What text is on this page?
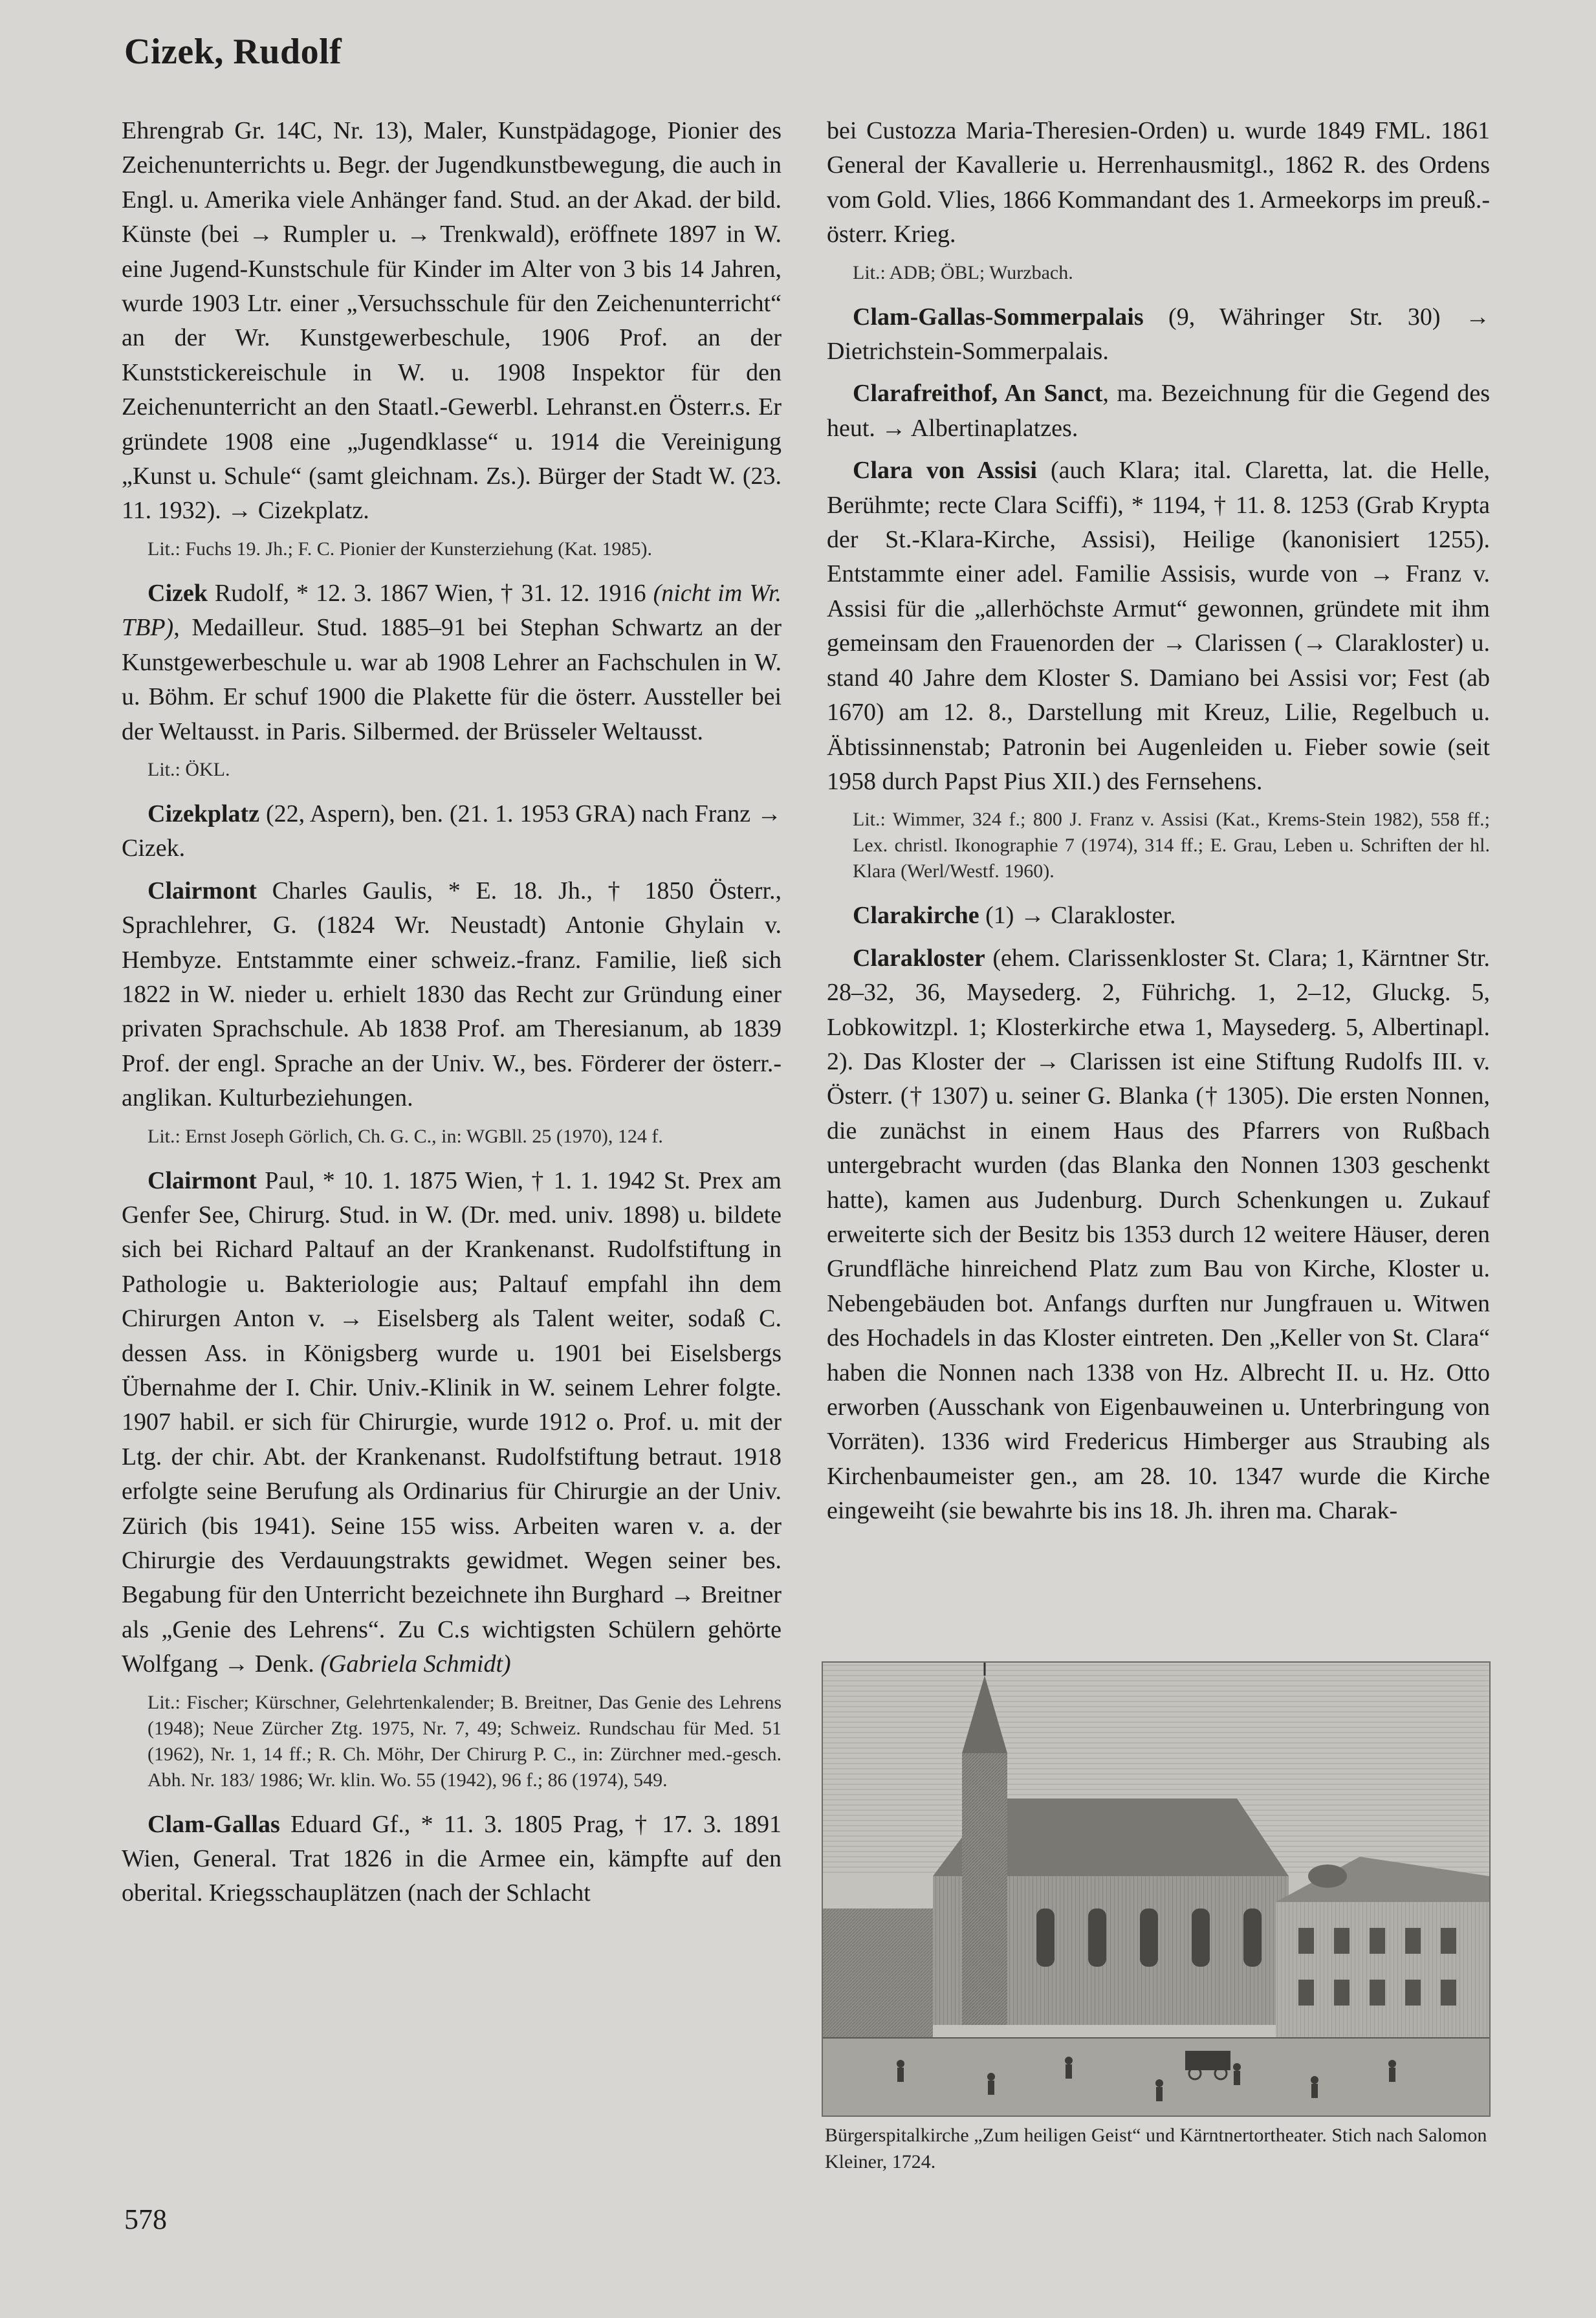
Cizek, Rudolf

Ehrengrab Gr. 14C, Nr. 13), Maler, Kunstpädagoge, Pionier des Zeichenunterrichts u. Begr. der Jugendkunstbewegung, die auch in Engl. u. Amerika viele Anhänger fand. Stud. an der Akad. der bild. Künste (bei → Rumpler u. → Trenkwald), eröffnete 1897 in W. eine Jugend-Kunstschule für Kinder im Alter von 3 bis 14 Jahren, wurde 1903 Ltr. einer „Versuchsschule für den Zeichenunterricht“ an der Wr. Kunstgewerbeschule, 1906 Prof. an der Kunststickereischule in W. u. 1908 Inspektor für den Zeichenunterricht an den Staatl.-Gewerbl. Lehranst.en Österr.s. Er gründete 1908 eine „Jugendklasse“ u. 1914 die Vereinigung „Kunst u. Schule“ (samt gleichnam. Zs.). Bürger der Stadt W. (23. 11. 1932). → Cizekplatz.

Lit.: Fuchs 19. Jh.; F. C. Pionier der Kunsterziehung (Kat. 1985).

Cizek Rudolf, * 12. 3. 1867 Wien, † 31. 12. 1916 (nicht im Wr. TBP), Medailleur. Stud. 1885–91 bei Stephan Schwartz an der Kunstgewerbeschule u. war ab 1908 Lehrer an Fachschulen in W. u. Böhm. Er schuf 1900 die Plakette für die österr. Aussteller bei der Weltausst. in Paris. Silbermed. der Brüsseler Weltausst.

Lit.: ÖKL.

Cizekplatz (22, Aspern), ben. (21. 1. 1953 GRA) nach Franz → Cizek.

Clairmont Charles Gaulis, * E. 18. Jh., † 1850 Österr., Sprachlehrer, G. (1824 Wr. Neustadt) Antonie Ghylain v. Hembyze. Entstammte einer schweiz.-franz. Familie, ließ sich 1822 in W. nieder u. erhielt 1830 das Recht zur Gründung einer privaten Sprachschule. Ab 1838 Prof. am Theresianum, ab 1839 Prof. der engl. Sprache an der Univ. W., bes. Förderer der österr.-anglikan. Kulturbeziehungen.

Lit.: Ernst Joseph Görlich, Ch. G. C., in: WGBll. 25 (1970), 124 f.

Clairmont Paul, * 10. 1. 1875 Wien, † 1. 1. 1942 St. Prex am Genfer See, Chirurg. Stud. in W. (Dr. med. univ. 1898) u. bildete sich bei Richard Paltauf an der Krankenanst. Rudolfstiftung in Pathologie u. Bakteriologie aus; Paltauf empfahl ihn dem Chirurgen Anton v. → Eiselsberg als Talent weiter, sodaß C. dessen Ass. in Königsberg wurde u. 1901 bei Eiselsbergs Übernahme der I. Chir. Univ.-Klinik in W. seinem Lehrer folgte. 1907 habil. er sich für Chirurgie, wurde 1912 o. Prof. u. mit der Ltg. der chir. Abt. der Krankenanst. Rudolfstiftung betraut. 1918 erfolgte seine Berufung als Ordinarius für Chirurgie an der Univ. Zürich (bis 1941). Seine 155 wiss. Arbeiten waren v. a. der Chirurgie des Verdauungstrakts gewidmet. Wegen seiner bes. Begabung für den Unterricht bezeichnete ihn Burghard → Breitner als „Genie des Lehrens“. Zu C.s wichtigsten Schülern gehörte Wolfgang → Denk. (Gabriela Schmidt)

Lit.: Fischer; Kürschner, Gelehrtenkalender; B. Breitner, Das Genie des Lehrens (1948); Neue Zürcher Ztg. 1975, Nr. 7, 49; Schweiz. Rundschau für Med. 51 (1962), Nr. 1, 14 ff.; R. Ch. Möhr, Der Chirurg P. C., in: Zürchner med.-gesch. Abh. Nr. 183/ 1986; Wr. klin. Wo. 55 (1942), 96 f.; 86 (1974), 549.

Clam-Gallas Eduard Gf., * 11. 3. 1805 Prag, † 17. 3. 1891 Wien, General. Trat 1826 in die Armee ein, kämpfte auf den oberital. Kriegsschauplätzen (nach der Schlacht

bei Custozza Maria-Theresien-Orden) u. wurde 1849 FML. 1861 General der Kavallerie u. Herrenhausmitgl., 1862 R. des Ordens vom Gold. Vlies, 1866 Kommandant des 1. Armeekorps im preuß.-österr. Krieg.

Lit.: ADB; ÖBL; Wurzbach.

Clam-Gallas-Sommerpalais (9, Währinger Str. 30) → Dietrichstein-Sommerpalais.

Clarafreithof, An Sanct, ma. Bezeichnung für die Gegend des heut. → Albertinaplatzes.

Clara von Assisi (auch Klara; ital. Claretta, lat. die Helle, Berühmte; recte Clara Sciffi), * 1194, † 11. 8. 1253 (Grab Krypta der St.-Klara-Kirche, Assisi), Heilige (kanonisiert 1255). Entstammte einer adel. Familie Assisis, wurde von → Franz v. Assisi für die „allerhöchste Armut“ gewonnen, gründete mit ihm gemeinsam den Frauenorden der → Clarissen (→ Clarakloster) u. stand 40 Jahre dem Kloster S. Damiano bei Assisi vor; Fest (ab 1670) am 12. 8., Darstellung mit Kreuz, Lilie, Regelbuch u. Äbtissinnenstab; Patronin bei Augenleiden u. Fieber sowie (seit 1958 durch Papst Pius XII.) des Fernsehens.

Lit.: Wimmer, 324 f.; 800 J. Franz v. Assisi (Kat., Krems-Stein 1982), 558 ff.; Lex. christl. Ikonographie 7 (1974), 314 ff.; E. Grau, Leben u. Schriften der hl. Klara (Werl/Westf. 1960).

Clarakirche (1) → Clarakloster.

Clarakloster (ehem. Clarissenkloster St. Clara; 1, Kärntner Str. 28–32, 36, Maysederg. 2, Führichg. 1, 2–12, Gluckg. 5, Lobkowitzpl. 1; Klosterkirche etwa 1, Maysederg. 5, Albertinapl. 2). Das Kloster der → Clarissen ist eine Stiftung Rudolfs III. v. Österr. († 1307) u. seiner G. Blanka († 1305). Die ersten Nonnen, die zunächst in einem Haus des Pfarrers von Rußbach untergebracht wurden (das Blanka den Nonnen 1303 geschenkt hatte), kamen aus Judenburg. Durch Schenkungen u. Zukauf erweiterte sich der Besitz bis 1353 durch 12 weitere Häuser, deren Grundfläche hinreichend Platz zum Bau von Kirche, Kloster u. Nebengebäuden bot. Anfangs durften nur Jungfrauen u. Witwen des Hochadels in das Kloster eintreten. Den „Keller von St. Clara“ haben die Nonnen nach 1338 von Hz. Albrecht II. u. Hz. Otto erworben (Ausschank von Eigenbauweinen u. Unterbringung von Vorräten). 1336 wird Fredericus Himberger aus Straubing als Kirchenbaumeister gen., am 28. 10. 1347 wurde die Kirche eingeweiht (sie bewahrte bis ins 18. Jh. ihren ma. Charak-

Bürgerspitalkirche „Zum heiligen Geist“ und Kärntnertortheater. Stich nach Salomon Kleiner, 1724.
578
